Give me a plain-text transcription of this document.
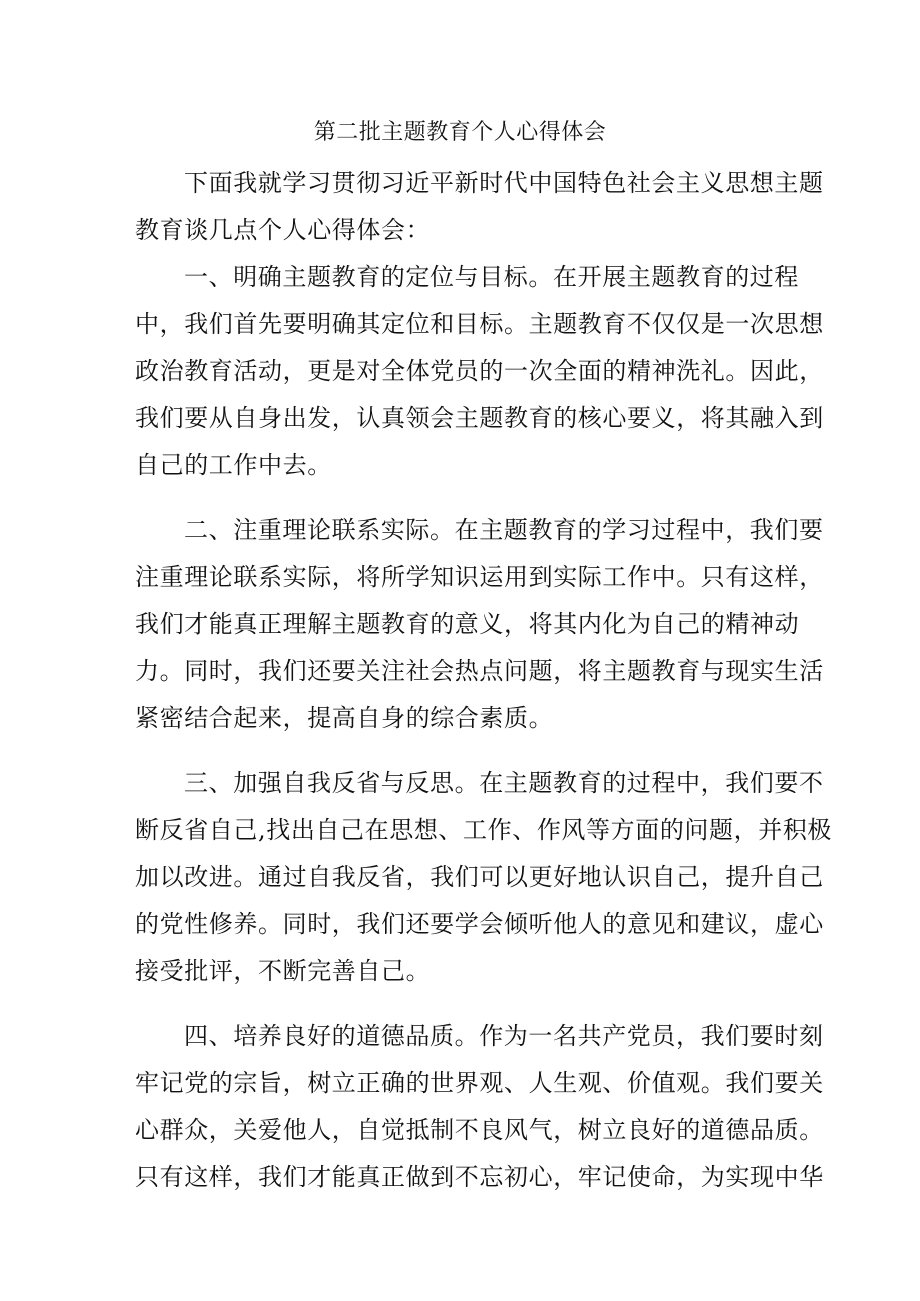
第二批主题教育个人心得体会
下面我就学习贯彻习近平新时代中国特色社会主义思想主题
教育谈几点个人心得体会：
一、明确主题教育的定位与目标。在开展主题教育的过程
中，我们首先要明确其定位和目标。主题教育不仅仅是一次思想
政治教育活动，更是对全体党员的一次全面的精神洗礼。因此，
我们要从自身出发，认真领会主题教育的核心要义，将其融入到
自己的工作中去。
二、注重理论联系实际。在主题教育的学习过程中，我们要
注重理论联系实际，将所学知识运用到实际工作中。只有这样，
我们才能真正理解主题教育的意义，将其内化为自己的精神动
力。同时，我们还要关注社会热点问题，将主题教育与现实生活
紧密结合起来，提高自身的综合素质。
三、加强自我反省与反思。在主题教育的过程中，我们要不
断反省自己,找出自己在思想、工作、作风等方面的问题，并积极
加以改进。通过自我反省，我们可以更好地认识自己，提升自己
的党性修养。同时，我们还要学会倾听他人的意见和建议，虚心
接受批评，不断完善自己。
四、培养良好的道德品质。作为一名共产党员，我们要时刻
牢记党的宗旨，树立正确的世界观、人生观、价值观。我们要关
心群众，关爱他人，自觉抵制不良风气，树立良好的道德品质。
只有这样，我们才能真正做到不忘初心，牢记使命，为实现中华
